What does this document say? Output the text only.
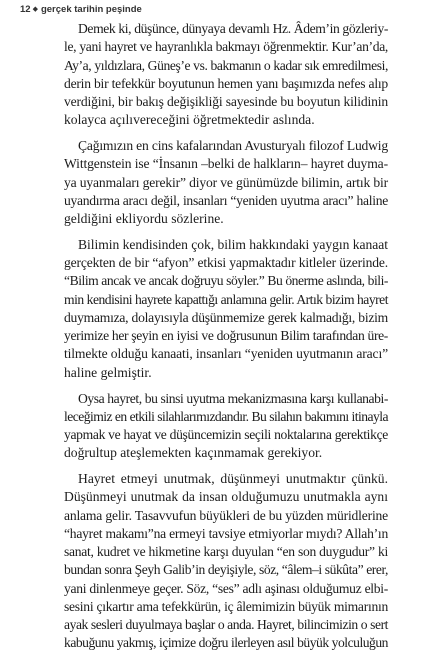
12 ◆ gerçek tarihin peşinde
Demek ki, düşünce, dünyaya devamlı Hz. Âdem’in gözleriy-
le, yani hayret ve hayranlıkla bakmayı öğrenmektir. Kur’an’da,
Ay’a, yıldızlara, Güneş’e vs. bakmanın o kadar sık emredilmesi,
derin bir tefekkür boyutunun hemen yanı başımızda nefes alıp
verdiğini, bir bakış değişikliği sayesinde bu boyutun kilidinin
kolayca açılıvereceğini öğretmektedir aslında.
Çağımızın en cins kafalarından Avusturyalı filozof Ludwig
Wittgenstein ise “İnsanın –belki de halkların– hayret duyma-
ya uyanmaları gerekir” diyor ve günümüzde bilimin, artık bir
uyandırma aracı değil, insanları “yeniden uyutma aracı” haline
geldiğini ekliyordu sözlerine.
Bilimin kendisinden çok, bilim hakkındaki yaygın kanaat
gerçekten de bir “afyon” etkisi yapmaktadır kitleler üzerinde.
“Bilim ancak ve ancak doğruyu söyler.” Bu önerme aslında, bili-
min kendisini hayrete kapattığı anlamına gelir. Artık bizim hayret
duymamıza, dolayısıyla düşünmemize gerek kalmadığı, bizim
yerimize her şeyin en iyisi ve doğrusunun Bilim tarafından üre-
tilmekte olduğu kanaati, insanları “yeniden uyutmanın aracı”
haline gelmiştir.
Oysa hayret, bu sinsi uyutma mekanizmasına karşı kullanabi-
leceğimiz en etkili silahlarımızdandır. Bu silahın bakımını itinayla
yapmak ve hayat ve düşüncemizin seçili noktalarına gerektikçe
doğrultup ateşlemekten kaçınmamak gerekiyor.
Hayret etmeyi unutmak, düşünmeyi unutmaktır çünkü.
Düşünmeyi unutmak da insan olduğumuzu unutmakla aynı
anlama gelir. Tasavvufun büyükleri de bu yüzden müridlerine
“hayret makamı”na ermeyi tavsiye etmiyorlar mıydı? Allah’ın
sanat, kudret ve hikmetine karşı duyulan “en son duygudur” ki
bundan sonra Şeyh Galib’in deyişiyle, söz, “âlem–i sükûta” erer,
yani dinlenmeye geçer. Söz, “ses” adlı aşinası olduğumuz elbi-
sesini çıkartır ama tefekkürün, iç âlemimizin büyük mimarının
ayak sesleri duyulmaya başlar o anda. Hayret, bilincimizin o sert
kabuğunu yakmış, içimize doğru ilerleyen asıl büyük yolculuğun
